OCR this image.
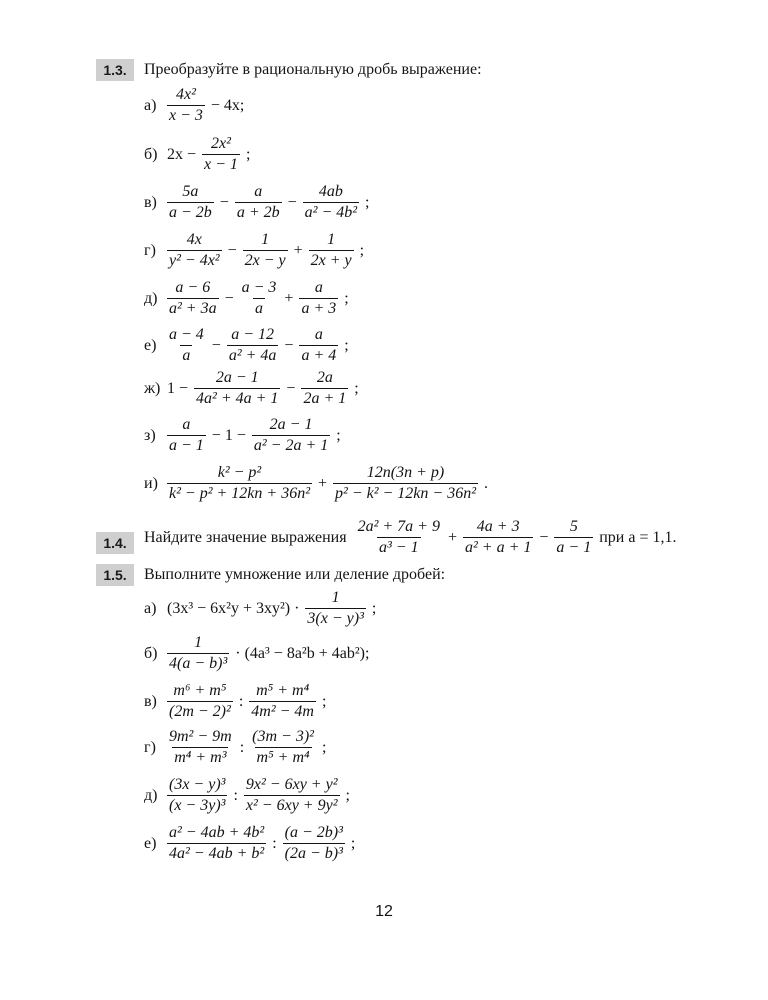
1.3.	Преобразуйте в рациональную дробь выражение:
$а) \frac{\text{4x²}}{x - 3} - 4x$;
б) $2x - \frac{\text{2x²}}{x - 1}$ ;
$в) \frac{5a}{a - 2b} - \frac{a}{a + 2b} - \frac{4ab}{\text{a² − 4b²}}$ ;
$г) \frac{4x}{\text{y² − 4x²}} - \frac{1}{2x - y} + \frac{1}{2x + y}$ ;
$д) \frac{a - 6}{\text{a² + 3a}} - \frac{a - 3}{a} + \frac{a}{a + 3}$ ;
$е) \frac{a - 4}{a} - \frac{a - 12}{\text{a² + 4a}} - \frac{a}{a + 4}$ ;
ж) $1 - \frac{2a - 1}{\text{4a² + 4a + 1}} - \frac{2a}{2a + 1}$ ;
$з) \frac{a}{a - 1} - 1 - \frac{2a - 1}{\text{a² − 2a + 1}}$ ;
$и) \frac{\text{k² − p²}}{\text{k² − p² + 12kn + 36n²}} + \frac{12n(3n + p)}{\text{p² − k² − 12kn − 36n²}}$ .
1.4.	Найдите значение выражения $\frac{\text{2a² + 7a + 9}}{\text{a³ − 1}} + \frac{4a + 3}{\text{a² + a + 1}} - \frac{5}{a - 1}$ при a = 1,1.
1.5.	Выполните умножение или деление дробей:
а) $(3x^3 - 6x^2y + 3xy^2) \cdot \frac{1}{\text{3(x − y)³}}$ ;
$б) \frac{1}{\text{4(a − b)³}} \cdot (4a^3 - 8a^2b + 4ab^2)$;
$в) \frac{\text{m⁶ + m⁵}}{\text{(2m − 2)²}}$ : $\frac{\text{m⁵ + m⁴}}{\text{4m² − 4m}}$ ;
$г) \frac{\text{9m² − 9m}}{\text{m⁴ + m³}}$ : $\frac{\text{(3m − 3)²}}{\text{m⁵ + m⁴}}$ ;
$д) \frac{\text{(3x − y)³}}{\text{(x − 3y)³}}$ : $\frac{\text{9x² − 6xy + y²}}{\text{x² − 6xy + 9y²}}$ ;
$е) \frac{\text{a² − 4ab + 4b²}}{\text{4a² − 4ab + b²}}$ : $\frac{\text{(a − 2b)³}}{\text{(2a − b)³}}$ ;
12
